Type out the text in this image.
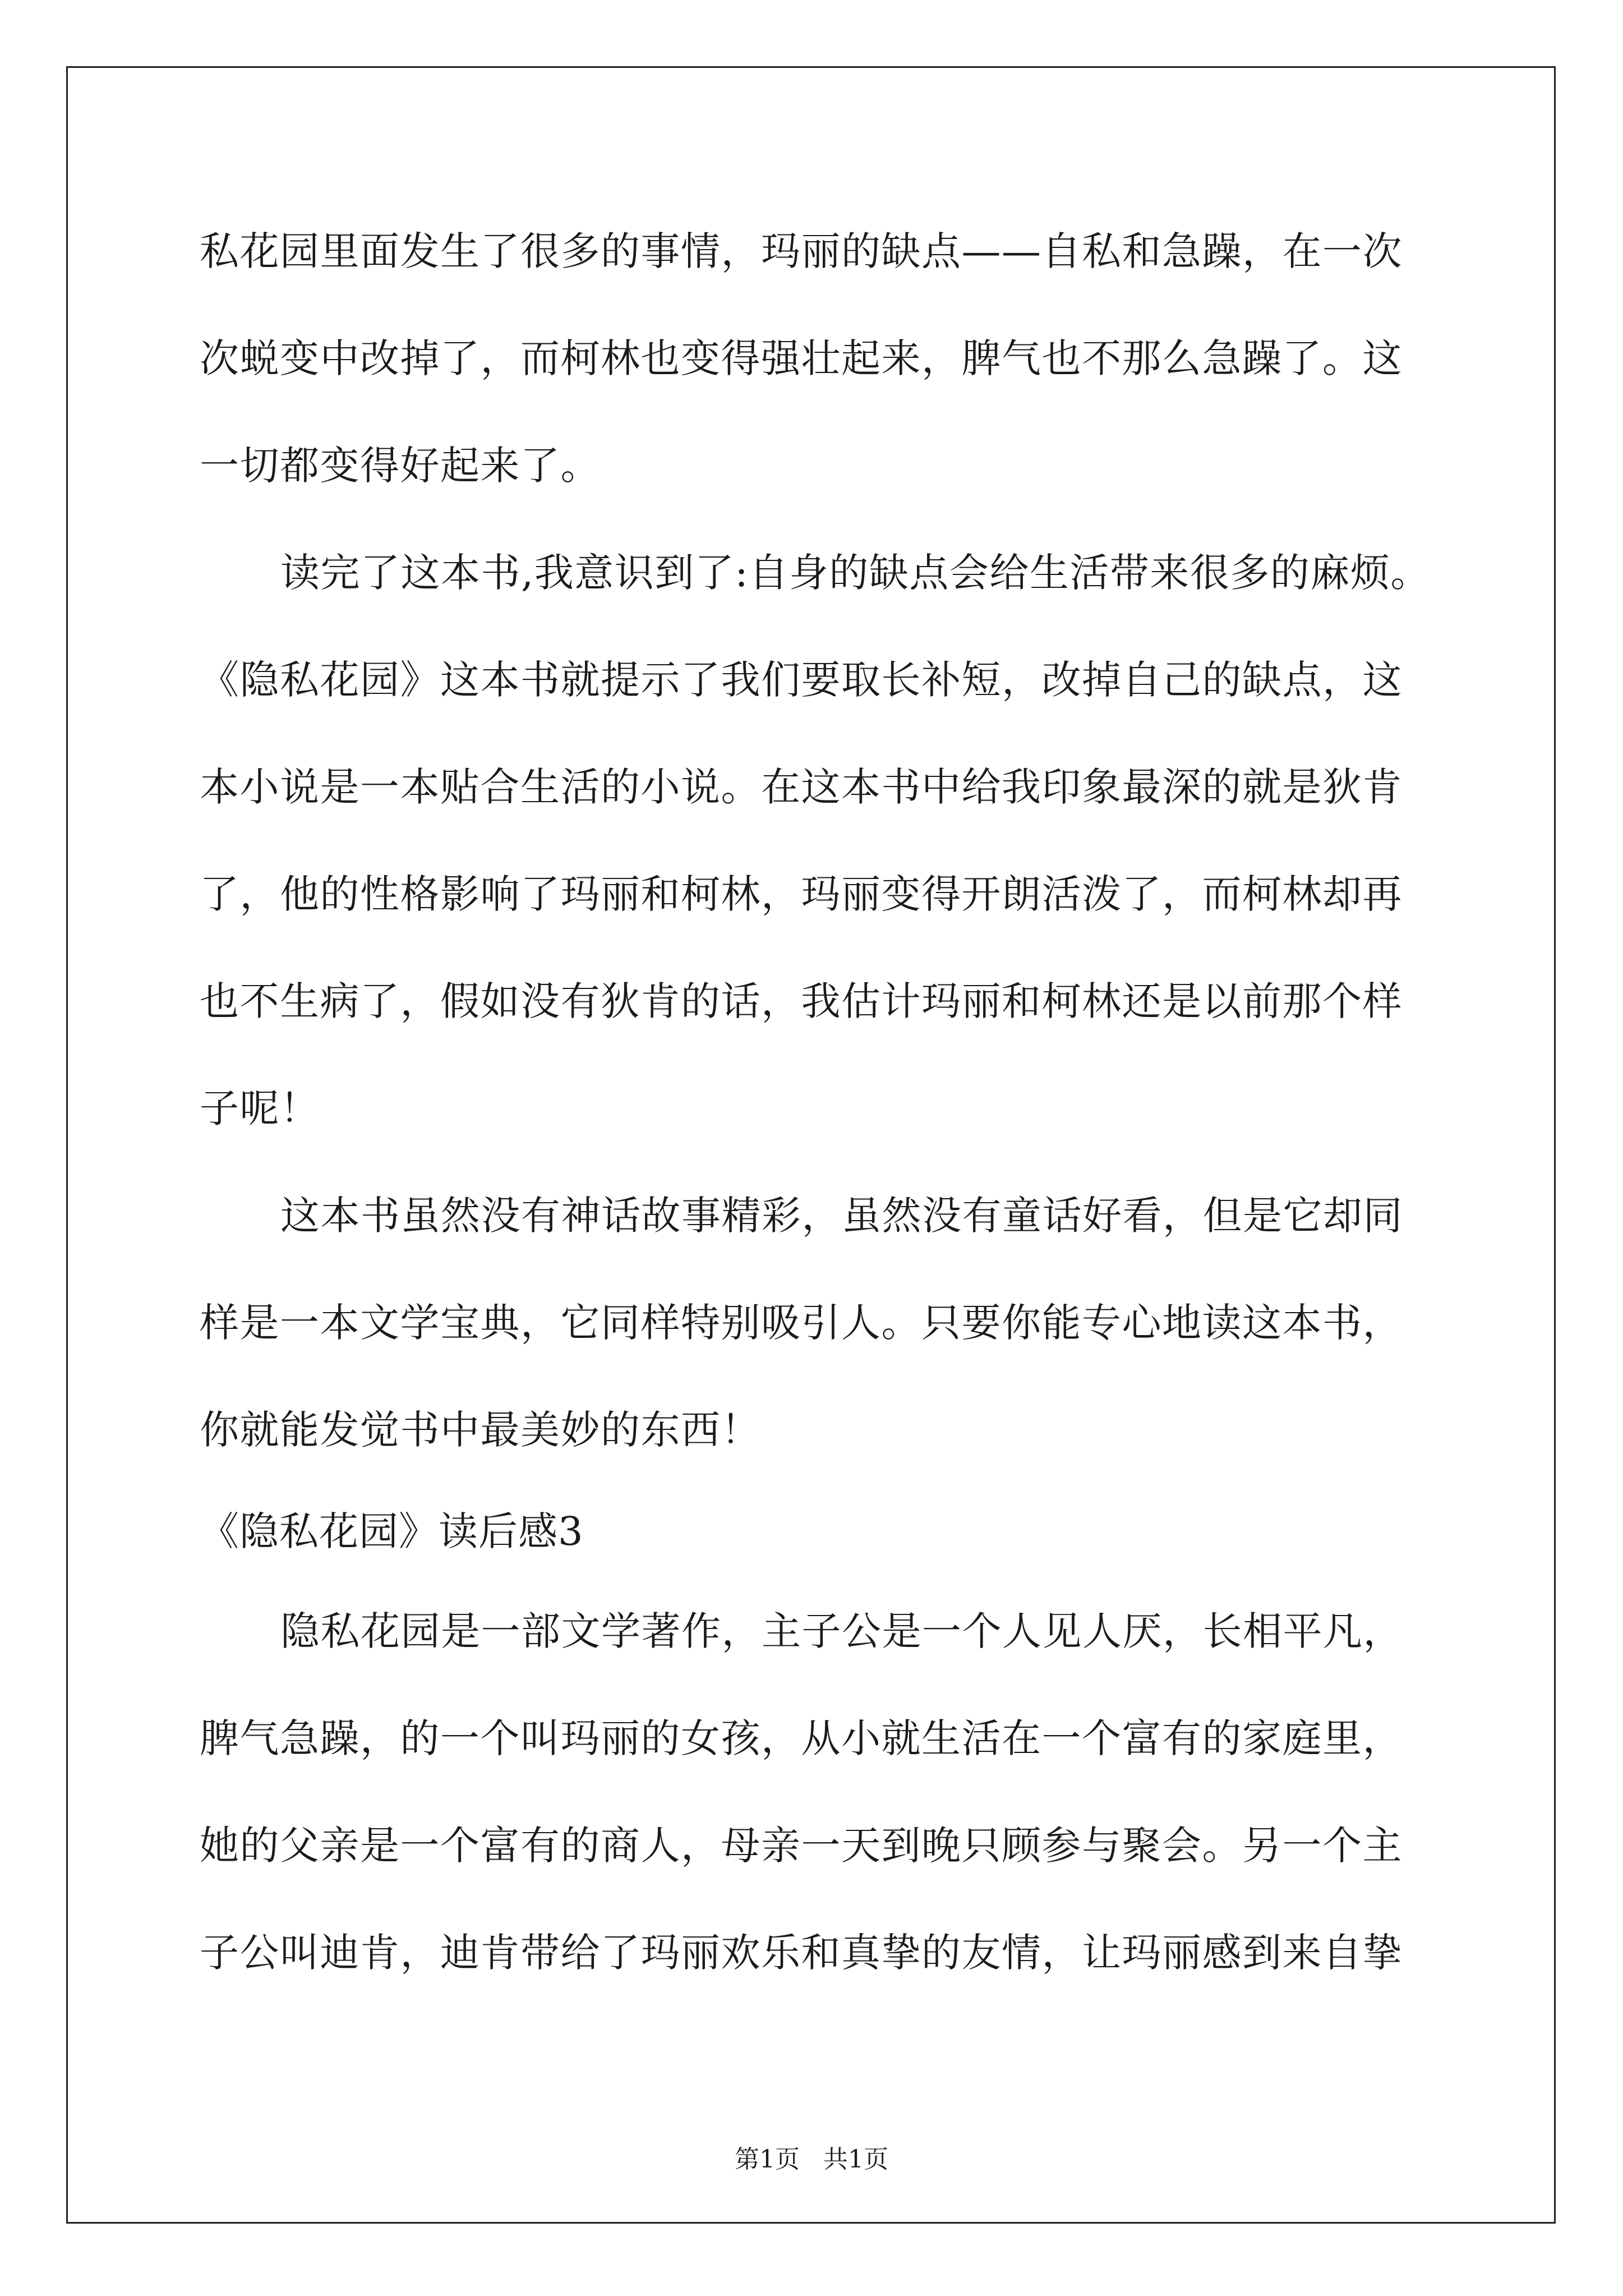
私花园里面发生了很多的事情，玛丽的缺点——自私和急躁，在一次

次蜕变中改掉了，而柯林也变得强壮起来，脾气也不那么急躁了。这

一切都变得好起来了。

读完了这本书,我意识到了:自身的缺点会给生活带来很多的麻烦。

《隐私花园》这本书就提示了我们要取长补短，改掉自己的缺点，这

本小说是一本贴合生活的小说。在这本书中给我印象最深的就是狄肯

了，他的性格影响了玛丽和柯林，玛丽变得开朗活泼了，而柯林却再

也不生病了，假如没有狄肯的话，我估计玛丽和柯林还是以前那个样

子呢！

这本书虽然没有神话故事精彩，虽然没有童话好看，但是它却同

样是一本文学宝典，它同样特别吸引人。只要你能专心地读这本书，

你就能发觉书中最美妙的东西！

《隐私花园》读后感3

隐私花园是一部文学著作，主子公是一个人见人厌，长相平凡，

脾气急躁，的一个叫玛丽的女孩，从小就生活在一个富有的家庭里，

她的父亲是一个富有的商人，母亲一天到晚只顾参与聚会。另一个主

子公叫迪肯，迪肯带给了玛丽欢乐和真挚的友情，让玛丽感到来自挚

第1页   共1页
